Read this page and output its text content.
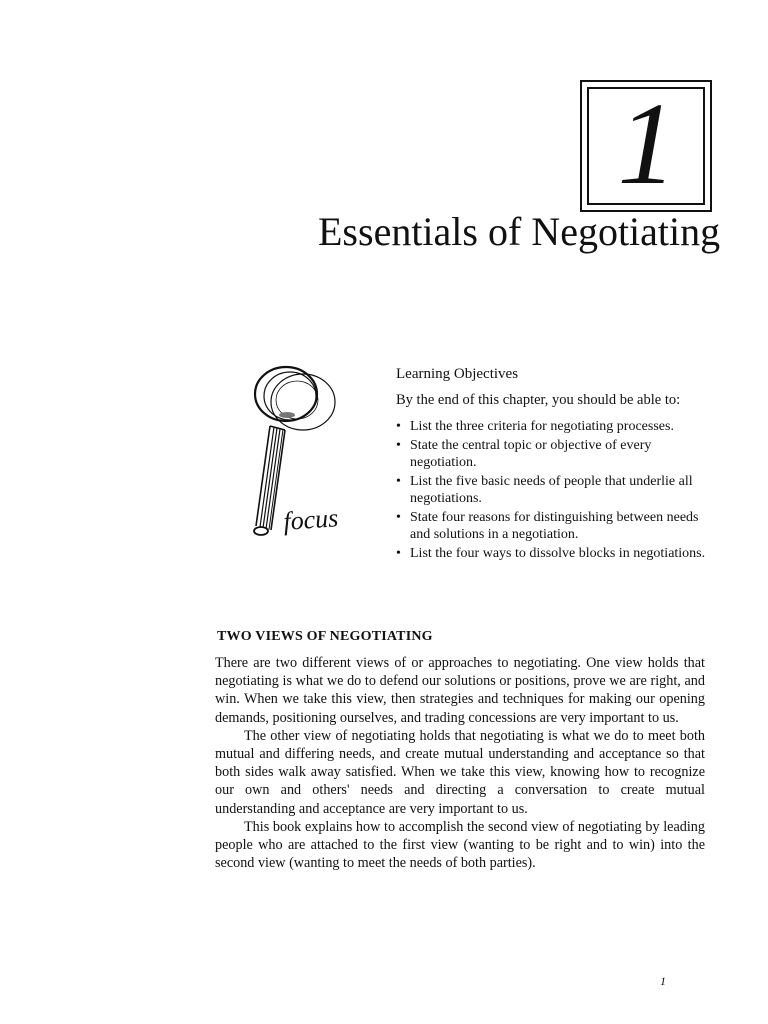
1
Essentials of Negotiating
focus
Learning Objectives
By the end of this chapter, you should be able to:
• List the three criteria for negotiating processes.
• State the central topic or objective of every negotiation.
• List the five basic needs of people that underlie all negotiations.
• State four reasons for distinguishing between needs and solutions in a negotiation.
• List the four ways to dissolve blocks in negotiations.
TWO VIEWS OF NEGOTIATING

There are two different views of or approaches to negotiating. One view holds that negotiating is what we do to defend our solutions or positions, prove we are right, and win. When we take this view, then strategies and techniques for making our opening demands, positioning ourselves, and trading concessions are very important to us.

The other view of negotiating holds that negotiating is what we do to meet both mutual and differing needs, and create mutual understanding and acceptance so that both sides walk away satisfied. When we take this view, knowing how to recognize our own and others' needs and directing a conversation to create mutual understanding and acceptance are very important to us.

This book explains how to accomplish the second view of negotiating by leading people who are attached to the first view (wanting to be right and to win) into the second view (wanting to meet the needs of both parties).

1
